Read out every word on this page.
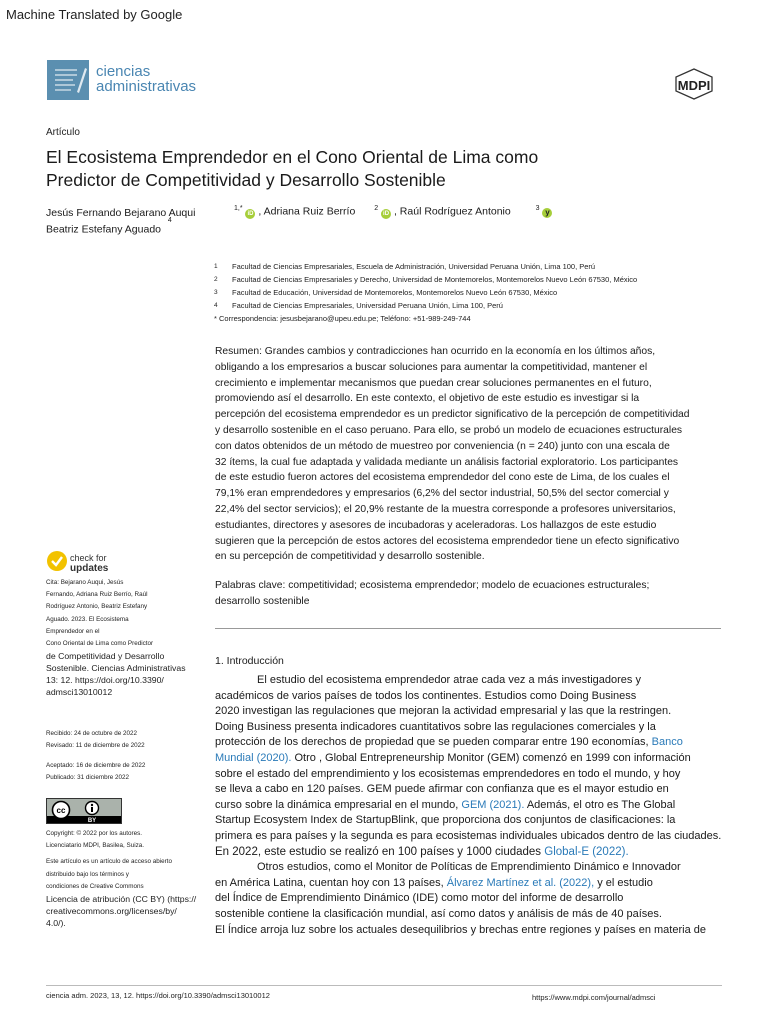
Machine Translated by Google
ciencias
administrativas	MDPI
Artículo
El Ecosistema Emprendedor en el Cono Oriental de Lima como
Predictor de Competitividad y Desarrollo Sostenible
Jesús Fernando Bejarano Auqui	$^{1,*}$ iD , Adriana Ruiz Berrío	$^2$ iD , Raúl Rodríguez Antonio	$^3$ y
Beatriz Estefany Aguado $^4$
1 Facultad de Ciencias Empresariales, Escuela de Administración, Universidad Peruana Unión, Lima 100, Perú
2 Facultad de Ciencias Empresariales y Derecho, Universidad de Montemorelos, Montemorelos Nuevo León 67530, México
3 Facultad de Educación, Universidad de Montemorelos, Montemorelos Nuevo León 67530, México
4 Facultad de Ciencias Empresariales, Universidad Peruana Unión, Lima 100, Perú
* Correspondencia: jesusbejarano@upeu.edu.pe; Teléfono: +51-989-249-744
Resumen: Grandes cambios y contradicciones han ocurrido en la economía en los últimos años,
obligando a los empresarios a buscar soluciones para aumentar la competitividad, mantener el
crecimiento e implementar mecanismos que puedan crear soluciones permanentes en el futuro,
promoviendo así el desarrollo. En este contexto, el objetivo de este estudio es investigar si la
percepción del ecosistema emprendedor es un predictor significativo de la percepción de competitividad
y desarrollo sostenible en el caso peruano. Para ello, se probó un modelo de ecuaciones estructurales
con datos obtenidos de un método de muestreo por conveniencia (n = 240) junto con una escala de
32 ítems, la cual fue adaptada y validada mediante un análisis factorial exploratorio. Los participantes
de este estudio fueron actores del ecosistema emprendedor del cono este de Lima, de los cuales el
79,1% eran emprendedores y empresarios (6,2% del sector industrial, 50,5% del sector comercial y
22,4% del sector servicios); el 20,9% restante de la muestra corresponde a profesores universitarios,
estudiantes, directores y asesores de incubadoras y aceleradoras. Los hallazgos de este estudio
sugieren que la percepción de estos actores del ecosistema emprendedor tiene un efecto significativo
en su percepción de competitividad y desarrollo sostenible.
Palabras clave: competitividad; ecosistema emprendedor; modelo de ecuaciones estructurales;
desarrollo sostenible
1. Introducción

El estudio del ecosistema emprendedor atrae cada vez a más investigadores y

académicos de varios países de todos los continentes. Estudios como Doing Business

2020 investigan las regulaciones que mejoran la actividad empresarial y las que la restringen.

Doing Business presenta indicadores cuantitativos sobre las regulaciones comerciales y la

protección de los derechos de propiedad que se pueden comparar entre 190 economías, Banco

Mundial (2020). Otro , Global Entrepreneurship Monitor (GEM) comenzó en 1999 con información

sobre el estado del emprendimiento y los ecosistemas emprendedores en todo el mundo, y hoy

se lleva a cabo en 120 países. GEM puede afirmar con confianza que es el mayor estudio en

curso sobre la dinámica empresarial en el mundo, GEM (2021). Además, el otro es The Global

Startup Ecosystem Index de StartupBlink, que proporciona dos conjuntos de clasificaciones: la

primera es para países y la segunda es para ecosistemas individuales ubicados dentro de las ciudades.

En 2022, este estudio se realizó en 100 países y 1000 ciudades Global-E (2022).

Otros estudios, como el Monitor de Políticas de Emprendimiento Dinámico e Innovador

en América Latina, cuentan hoy con 13 países, Álvarez Martínez et al. (2022), y el estudio

del Índice de Emprendimiento Dinámico (IDE) como motor del informe de desarrollo

sostenible contiene la clasificación mundial, así como datos y análisis de más de 40 países.

El Índice arroja luz sobre los actuales desequilibrios y brechas entre regiones y países en materia de

check for
updates
Cita: Bejarano Auqui, Jesús
Fernando, Adriana Ruiz Berrío, Raúl
Rodríguez Antonio, Beatriz Estefany
Aguado. 2023. El Ecosistema
Emprendedor en el
Cono Oriental de Lima como Predictor
de Competitividad y Desarrollo
Sostenible. Ciencias Administrativas
13: 12. https://doi.org/10.3390/
admsci13010012
Recibido: 24 de octubre de 2022
Revisado: 11 de diciembre de 2022
Aceptado: 16 de diciembre de 2022
Publicado: 31 diciembre 2022
cc
BY
Copyright: © 2022 por los autores.
Licenciatario MDPI, Basilea, Suiza.
Este artículo es un artículo de acceso abierto
distribuido bajo los términos y
condiciones de Creative Commons
Licencia de atribución (CC BY) (https://
creativecommons.org/licenses/by/
4.0/).
ciencia adm. 2023, 13, 12. https://doi.org/10.3390/admsci13010012	https://www.mdpi.com/journal/admsci
